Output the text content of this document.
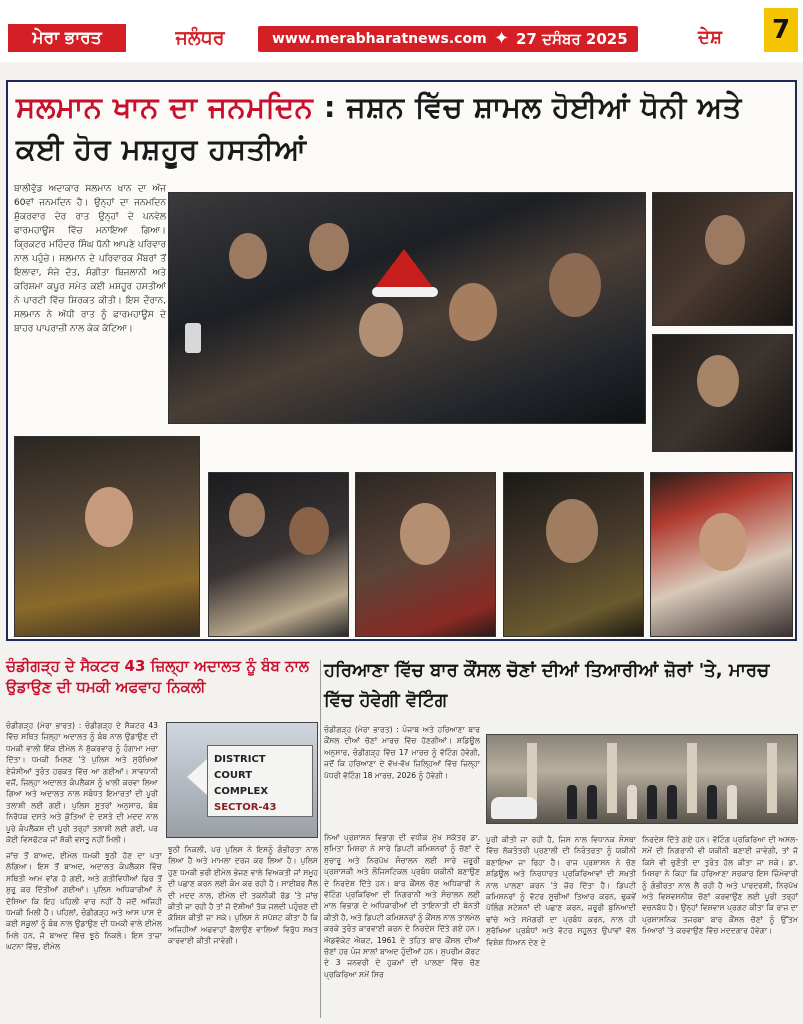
ਮੇਰਾ ਭਾਰਤ	ਜਲੰਧਰ	www.merabharatnews.com ✦ 27 ਦਸੰਬਰ 2025	ਦੇਸ਼	7
ਸਲਮਾਨ ਖਾਨ ਦਾ ਜਨਮਦਿਨ : ਜਸ਼ਨ ਵਿੱਚ ਸ਼ਾਮਲ ਹੋਈਆਂ ਧੋਨੀ ਅਤੇ ਕਈ ਹੋਰ ਮਸ਼ਹੂਰ ਹਸਤੀਆਂ

ਬਾਲੀਵੁੱਡ ਅਦਾਕਾਰ ਸਲਮਾਨ ਖਾਨ ਦਾ ਅੱਜ 60ਵਾਂ ਜਨਮਦਿਨ ਹੈ। ਉਨ੍ਹਾਂ ਦਾ ਜਨਮਦਿਨ ਸ਼ੁੱਕਰਵਾਰ ਦੇਰ ਰਾਤ ਉਨ੍ਹਾਂ ਦੇ ਪਨਵੇਲ ਫਾਰਮਹਾਊਸ ਵਿੱਚ ਮਨਾਇਆ ਗਿਆ। ਕ੍ਰਿਕਟਰ ਮਹਿੰਦਰ ਸਿੰਘ ਧੋਨੀ ਆਪਣੇ ਪਰਿਵਾਰ ਨਾਲ ਪਹੁੰਚੇ। ਸਲਮਾਨ ਦੇ ਪਰਿਵਾਰਕ ਮੈਂਬਰਾਂ ਤੋਂ ਇਲਾਵਾ, ਸੰਜੇ ਦੱਤ, ਸੰਗੀਤਾ ਬਿਜਲਾਨੀ ਅਤੇ ਕਰਿਸ਼ਮਾ ਕਪੂਰ ਸਮੇਤ ਕਈ ਮਸ਼ਹੂਰ ਹਸਤੀਆਂ ਨੇ ਪਾਰਟੀ ਵਿੱਚ ਸ਼ਿਰਕਤ ਕੀਤੀ। ਇਸ ਦੌਰਾਨ, ਸਲਮਾਨ ਨੇ ਅੱਧੀ ਰਾਤ ਨੂੰ ਫਾਰਮਹਾਊਸ ਦੇ ਬਾਹਰ ਪਾਪਰਾਜ਼ੀ ਨਾਲ ਕੇਕ ਕੱਟਿਆ।

ਚੰਡੀਗੜ੍ਹ ਦੇ ਸੈਕਟਰ 43 ਜ਼ਿਲ੍ਹਾ ਅਦਾਲਤ ਨੂੰ ਬੰਬ ਨਾਲ ਉਡਾਉਣ ਦੀ ਧਮਕੀ ਅਫਵਾਹ ਨਿਕਲੀ

ਚੰਡੀਗੜ੍ਹ (ਮੇਰਾ ਭਾਰਤ) : ਚੰਡੀਗੜ੍ਹ ਦੇ ਸੈਕਟਰ 43 ਵਿੱਚ ਸਥਿਤ ਜ਼ਿਲ੍ਹਾ ਅਦਾਲਤ ਨੂੰ ਬੰਬ ਨਾਲ ਉਡਾਉਣ ਦੀ ਧਮਕੀ ਵਾਲੀ ਇੱਕ ਈਮੇਲ ਨੇ ਸ਼ੁੱਕਰਵਾਰ ਨੂੰ ਹੰਗਾਮਾ ਮਚਾ ਦਿੱਤਾ। ਧਮਕੀ ਮਿਲਣ 'ਤੇ ਪੁਲਿਸ ਅਤੇ ਸੁਰੱਖਿਆ ਏਜੰਸੀਆਂ ਤੁਰੰਤ ਹਰਕਤ ਵਿੱਚ ਆ ਗਈਆਂ। ਸਾਵਧਾਨੀ ਵਜੋਂ, ਜ਼ਿਲ੍ਹਾ ਅਦਾਲਤ ਕੰਪਲੈਕਸ ਨੂੰ ਖਾਲੀ ਕਰਵਾ ਲਿਆ ਗਿਆ ਅਤੇ ਅਦਾਲਤ ਨਾਲ ਸਬੰਧਤ ਇਮਾਰਤਾਂ ਦੀ ਪੂਰੀ ਤਲਾਸ਼ੀ ਲਈ ਗਈ। ਪੁਲਿਸ ਸੂਤਰਾਂ ਅਨੁਸਾਰ, ਬੰਬ ਨਿਰੋਧਕ ਦਸਤੇ ਅਤੇ ਕੁੱਤਿਆਂ ਦੇ ਦਸਤੇ ਦੀ ਮਦਦ ਨਾਲ ਪੂਰੇ ਕੰਪਲੈਕਸ ਦੀ ਪੂਰੀ ਤਰ੍ਹਾਂ ਤਲਾਸ਼ੀ ਲਈ ਗਈ, ਪਰ ਕੋਈ ਵਿਸਫੋਟਕ ਜਾਂ ਸ਼ੱਕੀ ਵਸਤੂ ਨਹੀਂ ਮਿਲੀ।

DISTRICT COURT
COMPLEX
SECTOR-43

ਜਾਂਚ ਤੋਂ ਬਾਅਦ, ਈਮੇਲ ਧਮਕੀ ਝੂਠੀ ਹੋਣ ਦਾ ਪਤਾ ਲੱਗਿਆ। ਇਸ ਤੋਂ ਬਾਅਦ, ਅਦਾਲਤ ਕੰਪਲੈਕਸ ਵਿੱਚ ਸਥਿਤੀ ਆਮ ਵਾਂਗ ਹੋ ਗਈ, ਅਤੇ ਗਤੀਵਿਧੀਆਂ ਫਿਰ ਤੋਂ ਸ਼ੁਰੂ ਕਰ ਦਿੱਤੀਆਂ ਗਈਆਂ। ਪੁਲਿਸ ਅਧਿਕਾਰੀਆਂ ਨੇ ਦੱਸਿਆ ਕਿ ਇਹ ਪਹਿਲੀ ਵਾਰ ਨਹੀਂ ਹੈ ਜਦੋਂ ਅਜਿਹੀ ਧਮਕੀ ਮਿਲੀ ਹੈ। ਪਹਿਲਾਂ, ਚੰਡੀਗੜ੍ਹ ਅਤੇ ਆਸ ਪਾਸ ਦੇ ਕਈ ਸਕੂਲਾਂ ਨੂੰ ਬੰਬ ਨਾਲ ਉਡਾਉਣ ਦੀ ਧਮਕੀ ਵਾਲੇ ਈਮੇਲ ਮਿਲੇ ਹਨ, ਜੋ ਬਾਅਦ ਵਿੱਚ ਝੂਠੇ ਨਿਕਲੇ। ਇਸ ਤਾਜ਼ਾ ਘਟਨਾ ਵਿੱਚ, ਈਮੇਲ

ਝੂਠੀ ਨਿਕਲੀ, ਪਰ ਪੁਲਿਸ ਨੇ ਇਸਨੂੰ ਗੰਭੀਰਤਾ ਨਾਲ ਲਿਆ ਹੈ ਅਤੇ ਮਾਮਲਾ ਦਰਜ ਕਰ ਲਿਆ ਹੈ। ਪੁਲਿਸ ਹੁਣ ਧਮਕੀ ਭਰੀ ਈਮੇਲ ਭੇਜਣ ਵਾਲੇ ਵਿਅਕਤੀ ਜਾਂ ਸਮੂਹ ਦੀ ਪਛਾਣ ਕਰਨ ਲਈ ਕੰਮ ਕਰ ਰਹੀ ਹੈ। ਸਾਈਬਰ ਸੈੱਲ ਦੀ ਮਦਦ ਨਾਲ, ਈਮੇਲ ਦੀ ਤਕਨੀਕੀ ਰੋਡ 'ਤੇ ਜਾਂਚ ਕੀਤੀ ਜਾ ਰਹੀ ਹੈ ਤਾਂ ਜੋ ਦੋਸ਼ੀਆਂ ਤੱਕ ਜਲਦੀ ਪਹੁੰਚਣ ਦੀ ਕੋਸ਼ਿਸ਼ ਕੀਤੀ ਜਾ ਸਕੇ। ਪੁਲਿਸ ਨੇ ਸਪੱਸ਼ਟ ਕੀਤਾ ਹੈ ਕਿ ਅਜਿਹੀਆਂ ਅਫਵਾਹਾਂ ਫੈਲਾਉਣ ਵਾਲਿਆਂ ਵਿਰੁੱਧ ਸਖ਼ਤ ਕਾਰਵਾਈ ਕੀਤੀ ਜਾਵੇਗੀ।

ਹਰਿਆਣਾ ਵਿੱਚ ਬਾਰ ਕੌਂਸਲ ਚੋਣਾਂ ਦੀਆਂ ਤਿਆਰੀਆਂ ਜ਼ੋਰਾਂ 'ਤੇ, ਮਾਰਚ ਵਿੱਚ ਹੋਵੇਗੀ ਵੋਟਿੰਗ

ਚੰਡੀਗੜ੍ਹ (ਮੇਰਾ ਭਾਰਤ) : ਪੰਜਾਬ ਅਤੇ ਹਰਿਆਣਾ ਬਾਰ ਕੌਂਸਲ ਦੀਆਂ ਚੋਣਾਂ ਮਾਰਚ ਵਿੱਚ ਹੋਣਗੀਆਂ। ਸ਼ਡਿਊਲ ਅਨੁਸਾਰ, ਚੰਡੀਗੜ੍ਹ ਵਿੱਚ 17 ਮਾਰਚ ਨੂੰ ਵੋਟਿੰਗ ਹੋਵੇਗੀ, ਜਦੋਂ ਕਿ ਹਰਿਆਣਾ ਦੇ ਵੱਖ-ਵੱਖ ਜ਼ਿਲ੍ਹਿਆਂ ਵਿੱਚ ਜ਼ਿਲ੍ਹਾ ਪੱਧਰੀ ਵੋਟਿੰਗ 18 ਮਾਰਚ, 2026 ਨੂੰ ਹੋਵੇਗੀ।

ਨਿਆਂ ਪ੍ਰਸ਼ਾਸਨ ਵਿਭਾਗ ਦੀ ਵਧੀਕ ਮੁੱਖ ਸਕੱਤਰ ਡਾ. ਸੁਮਿਤਾ ਮਿਸ਼ਰਾ ਨੇ ਸਾਰੇ ਡਿਪਟੀ ਕਮਿਸ਼ਨਰਾਂ ਨੂੰ ਚੋਣਾਂ ਦੇ ਸੁਚਾਰੂ ਅਤੇ ਨਿਰਪੱਖ ਸੰਚਾਲਨ ਲਈ ਸਾਰੇ ਜ਼ਰੂਰੀ ਪ੍ਰਸ਼ਾਸਕੀ ਅਤੇ ਲੌਜਿਸਟਿਕਲ ਪ੍ਰਬੰਧ ਯਕੀਨੀ ਬਣਾਉਣ ਦੇ ਨਿਰਦੇਸ਼ ਦਿੱਤੇ ਹਨ। ਬਾਰ ਕੌਂਸਲ ਚੋਣ ਅਧਿਕਾਰੀ ਨੇ ਵੋਟਿੰਗ ਪ੍ਰਕਿਰਿਆ ਦੀ ਨਿਗਰਾਨੀ ਅਤੇ ਸੰਚਾਲਨ ਲਈ ਮਾਲ ਵਿਭਾਗ ਦੇ ਅਧਿਕਾਰੀਆਂ ਦੀ ਤਾਇਨਾਤੀ ਦੀ ਬੇਨਤੀ ਕੀਤੀ ਹੈ, ਅਤੇ ਡਿਪਟੀ ਕਮਿਸ਼ਨਰਾਂ ਨੂੰ ਕੌਂਸਲ ਨਾਲ ਤਾਲਮੇਲ ਕਰਕੇ ਤੁਰੰਤ ਕਾਰਵਾਈ ਕਰਨ ਦੇ ਨਿਰਦੇਸ਼ ਦਿੱਤੇ ਗਏ ਹਨ। ਐਡਵੋਕੇਟ ਐਕਟ, 1961 ਦੇ ਤਹਿਤ ਬਾਰ ਕੌਂਸਲ ਦੀਆਂ ਚੋਣਾਂ ਹਰ ਪੰਜ ਸਾਲਾਂ ਬਾਅਦ ਹੁੰਦੀਆਂ ਹਨ। ਸੁਪਰੀਮ ਕੋਰਟ ਦੇ 3 ਜਨਵਰੀ ਦੇ ਹੁਕਮਾਂ ਦੀ ਪਾਲਣਾ ਵਿੱਚ ਚੋਣ ਪ੍ਰਕਿਰਿਆ ਸਮੇਂ ਸਿਰ

ਪੂਰੀ ਕੀਤੀ ਜਾ ਰਹੀ ਹੈ, ਜਿਸ ਨਾਲ ਵਿਧਾਨਕ ਸੰਸਥਾ ਵਿੱਚ ਲੋਕਤੰਤਰੀ ਪ੍ਰਣਾਲੀ ਦੀ ਨਿਰੰਤਰਤਾ ਨੂੰ ਯਕੀਨੀ ਬਣਾਇਆ ਜਾ ਰਿਹਾ ਹੈ। ਰਾਜ ਪ੍ਰਸ਼ਾਸਨ ਨੇ ਚੋਣ ਸ਼ਡਿਊਲ ਅਤੇ ਨਿਰਧਾਰਤ ਪ੍ਰਕਿਰਿਆਵਾਂ ਦੀ ਸਖ਼ਤੀ ਨਾਲ ਪਾਲਣਾ ਕਰਨ 'ਤੇ ਜ਼ੋਰ ਦਿੱਤਾ ਹੈ। ਡਿਪਟੀ ਕਮਿਸ਼ਨਰਾਂ ਨੂੰ ਵੋਟਰ ਸੂਚੀਆਂ ਤਿਆਰ ਕਰਨ, ਢੁਕਵੇਂ ਪੋਲਿੰਗ ਸਟੇਸ਼ਨਾਂ ਦੀ ਪਛਾਣ ਕਰਨ, ਜ਼ਰੂਰੀ ਬੁਨਿਆਦੀ ਢਾਂਚੇ ਅਤੇ ਸਮੱਗਰੀ ਦਾ ਪ੍ਰਬੰਧ ਕਰਨ, ਨਾਲ ਹੀ ਸੁਰੱਖਿਆ ਪ੍ਰਬੰਧਾਂ ਅਤੇ ਵੋਟਰ ਸਹੂਲਤ ਉਪਾਵਾਂ ਵੱਲ ਵਿਸ਼ੇਸ਼ ਧਿਆਨ ਦੇਣ ਦੇ

ਨਿਰਦੇਸ਼ ਦਿੱਤੇ ਗਏ ਹਨ। ਵੋਟਿੰਗ ਪ੍ਰਕਿਰਿਆ ਦੀ ਅਸਲ-ਸਮੇਂ ਦੀ ਨਿਗਰਾਨੀ ਵੀ ਯਕੀਨੀ ਬਣਾਈ ਜਾਵੇਗੀ, ਤਾਂ ਜੋ ਕਿਸੇ ਵੀ ਚੁਣੌਤੀ ਦਾ ਤੁਰੰਤ ਹੱਲ ਕੀਤਾ ਜਾ ਸਕੇ। ਡਾ. ਮਿਸ਼ਰਾ ਨੇ ਕਿਹਾ ਕਿ ਹਰਿਆਣਾ ਸਰਕਾਰ ਇਸ ਜ਼ਿੰਮੇਵਾਰੀ ਨੂੰ ਗੰਭੀਰਤਾ ਨਾਲ ਲੈ ਰਹੀ ਹੈ ਅਤੇ ਪਾਰਦਰਸ਼ੀ, ਨਿਰਪੱਖ ਅਤੇ ਵਿਸ਼ਵਸਨੀਯ ਚੋਣਾਂ ਕਰਵਾਉਣ ਲਈ ਪੂਰੀ ਤਰ੍ਹਾਂ ਵਚਨਬੱਧ ਹੈ। ਉਨ੍ਹਾਂ ਵਿਸ਼ਵਾਸ ਪ੍ਰਗਟ ਕੀਤਾ ਕਿ ਰਾਜ ਦਾ ਪ੍ਰਸ਼ਾਸਨਿਕ ਤਜਰਬਾ ਬਾਰ ਕੌਂਸਲ ਚੋਣਾਂ ਨੂੰ ਉੱਤਮ ਮਿਆਰਾਂ 'ਤੇ ਕਰਵਾਉਣ ਵਿੱਚ ਮਦਦਗਾਰ ਹੋਵੇਗਾ।
